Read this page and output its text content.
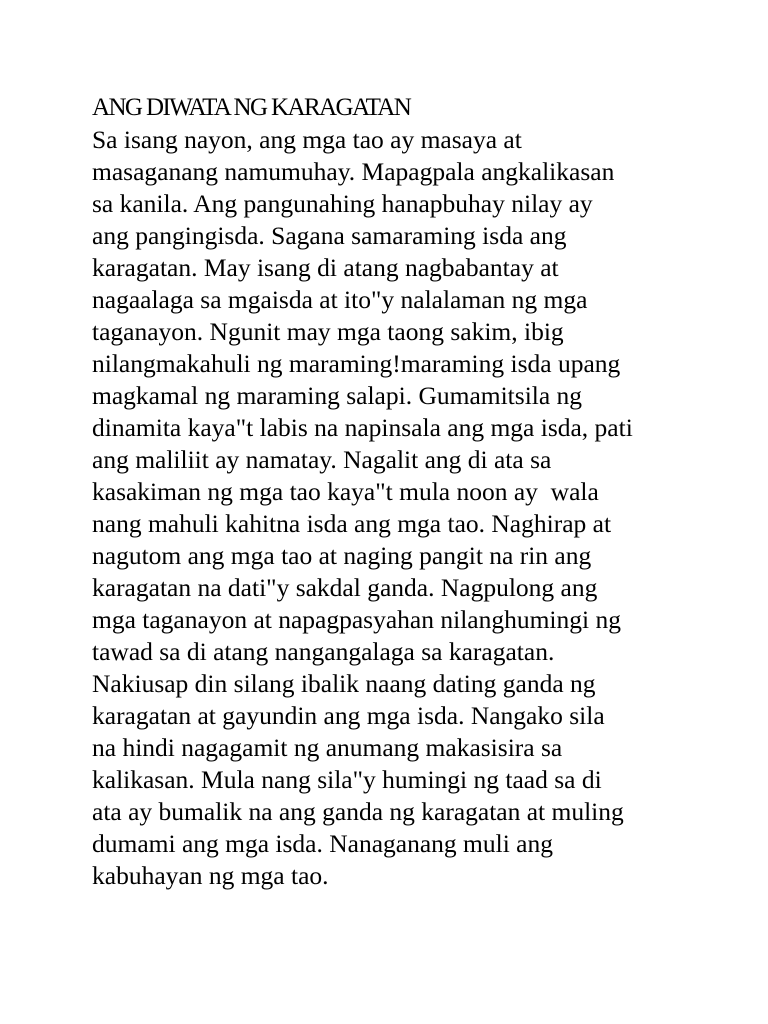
ANG DIWATA NG KARAGATAN
Sa isang nayon, ang mga tao ay masaya at
masaganang namumuhay. Mapagpala angkalikasan
sa kanila. Ang pangunahing hanapbuhay nilay ay
ang pangingisda. Sagana samaraming isda ang
karagatan. May isang di atang nagbabantay at
nagaalaga sa mgaisda at ito"y nalalaman ng mga
taganayon. Ngunit may mga taong sakim, ibig
nilangmakahuli ng maraming!maraming isda upang
magkamal ng maraming salapi. Gumamitsila ng
dinamita kaya"t labis na napinsala ang mga isda, pati
ang maliliit ay namatay. Nagalit ang di ata sa
kasakiman ng mga tao kaya"t mula noon ay  wala
nang mahuli kahitna isda ang mga tao. Naghirap at
nagutom ang mga tao at naging pangit na rin ang
karagatan na dati"y sakdal ganda. Nagpulong ang
mga taganayon at napagpasyahan nilanghumingi ng
tawad sa di atang nangangalaga sa karagatan.
Nakiusap din silang ibalik naang dating ganda ng
karagatan at gayundin ang mga isda. Nangako sila
na hindi nagagamit ng anumang makasisira sa
kalikasan. Mula nang sila"y humingi ng taad sa di
ata ay bumalik na ang ganda ng karagatan at muling
dumami ang mga isda. Nanaganang muli ang
kabuhayan ng mga tao.
